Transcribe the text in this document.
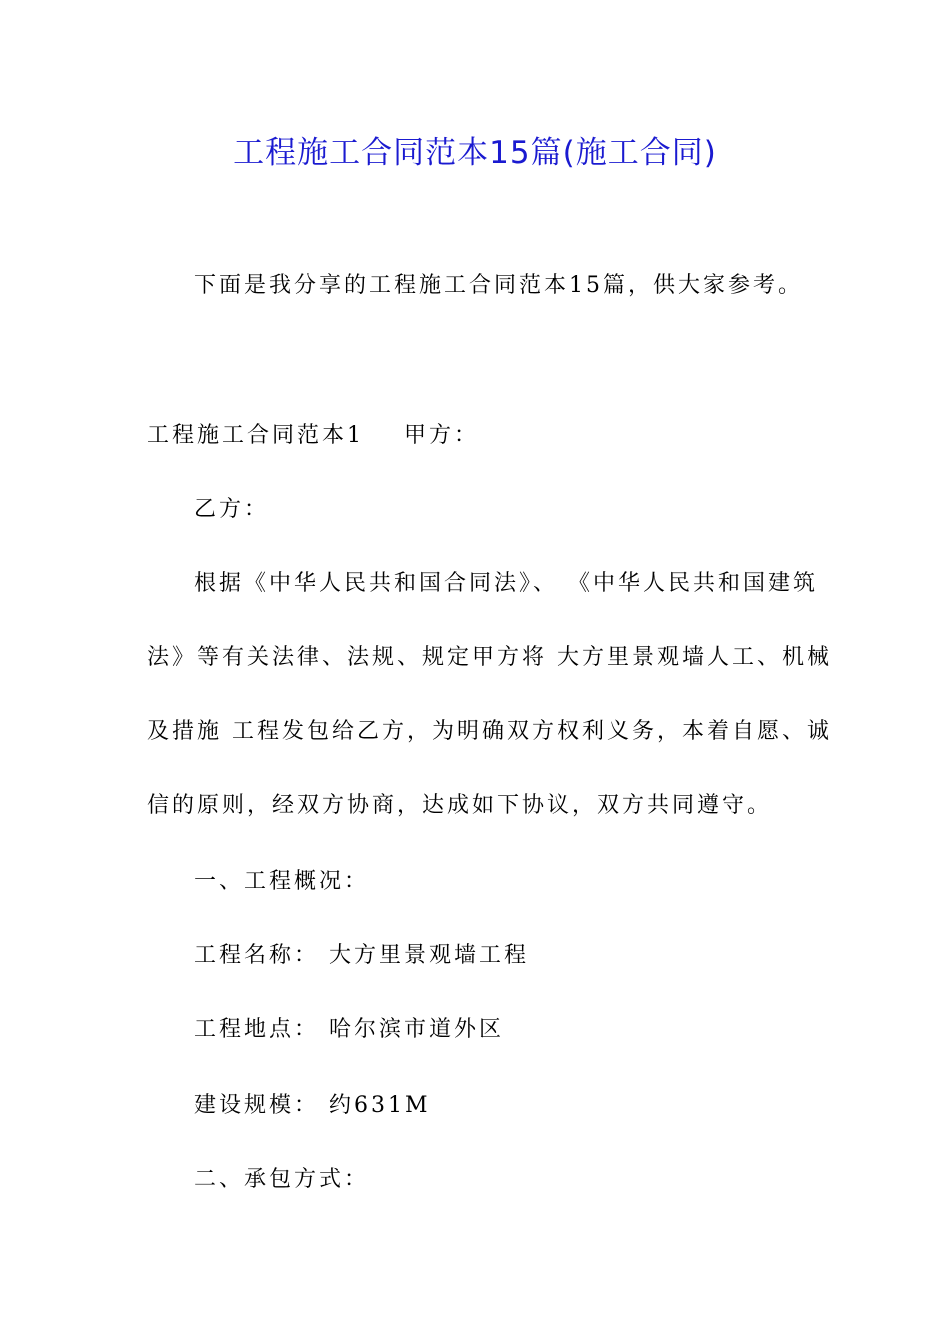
工程施工合同范本15篇(施工合同)
下面是我分享的工程施工合同范本15篇，供大家参考。
工程施工合同范本1 甲方：
乙方：
根据《中华人民共和国合同法》、 《中华人民共和国建筑
法》等有关法律、法规、规定甲方将 大方里景观墙人工、机械
及措施 工程发包给乙方，为明确双方权利义务，本着自愿、诚
信的原则，经双方协商，达成如下协议，双方共同遵守。
一、工程概况：
工程名称： 大方里景观墙工程
工程地点： 哈尔滨市道外区
建设规模： 约631M
二、承包方式：
